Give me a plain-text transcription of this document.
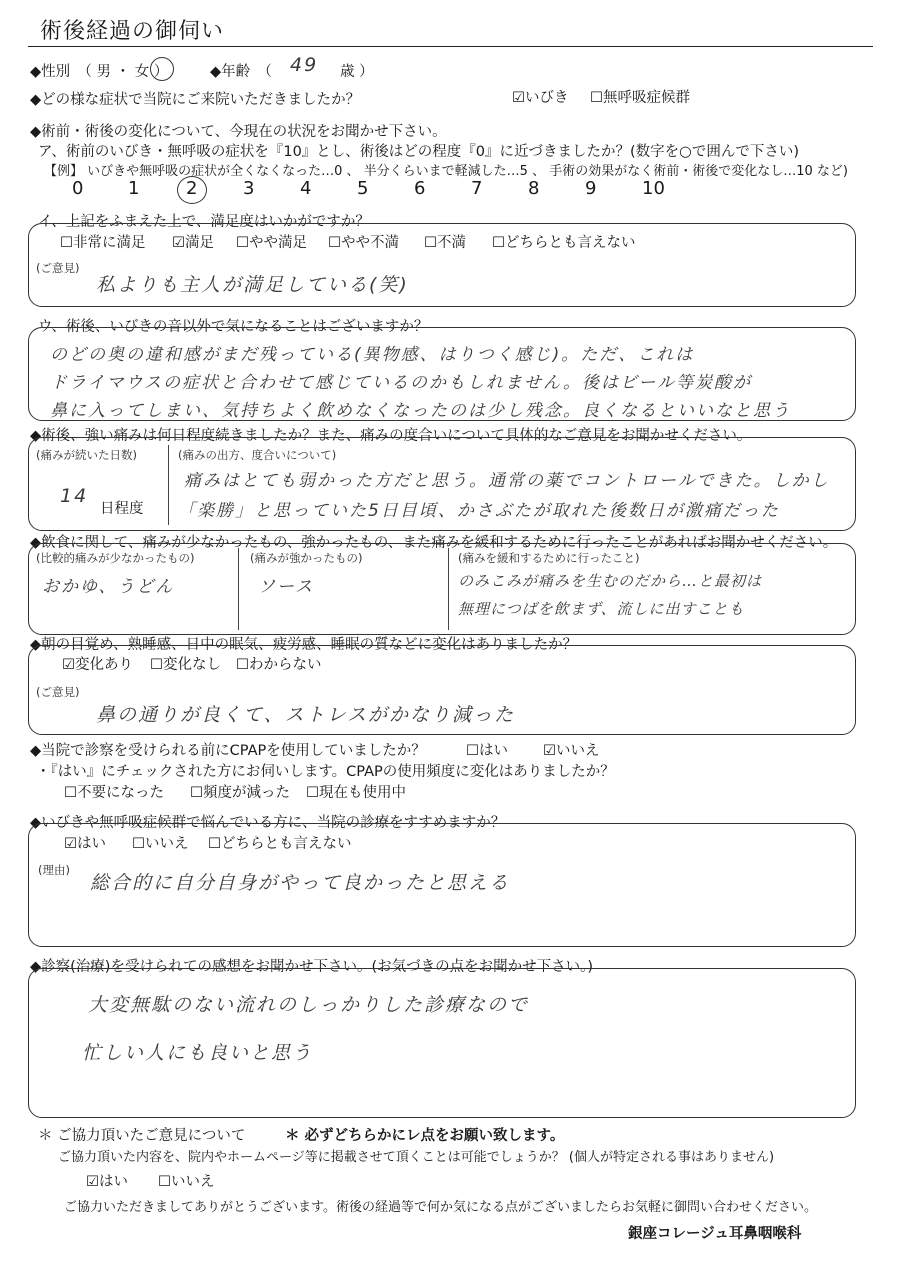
術後経過の御伺い
◆性別　（ 男 ・ 女 ）	◆年齢　（ 49 歳 ）
◆どの様な症状で当院にご来院いただきましたか？	☑いびき ☐無呼吸症候群
◆術前・術後の変化について、今現在の状況をお聞かせ下さい。
ア、術前のいびき・無呼吸の症状を『10』とし、術後はどの程度『0』に近づきましたか？(数字を○で囲んで下さい)
【例】 いびきや無呼吸の症状が全くなくなった…0 、 半分くらいまで軽減した…5 、 手術の効果がなく術前・術後で変化なし…10 など)
0 1	2	3	4	5	6	7	8	9	10
イ、上記をふまえた上で、満足度はいかがですか？
☐非常に満足 ☑満足 ☐やや満足 ☐やや不満 ☐不満 ☐どちらとも言えない
(ご意見)
私よりも主人が満足している(笑)
ウ、術後、いびきの音以外で気になることはございますか？
のどの奥の違和感がまだ残っている(異物感、はりつく感じ)。ただ、これは
ドライマウスの症状と合わせて感じているのかもしれません。後はビール等炭酸が
鼻に入ってしまい、気持ちよく飲めなくなったのは少し残念。良くなるといいなと思う
◆術後、強い痛みは何日程度続きましたか？また、痛みの度合いについて具体的なご意見をお聞かせください。
(痛みが続いた日数)
14
日程度
(痛みの出方、度合いについて)
痛みはとても弱かった方だと思う。通常の薬でコントロールできた。しかし
「楽勝」と思っていた5日目頃、かさぶたが取れた後数日が激痛だった
◆飲食に関して、痛みが少なかったもの、強かったもの、また痛みを緩和するために行ったことがあればお聞かせください。
(比較的痛みが少なかったもの)
おかゆ、うどん
(痛みが強かったもの)
ソース
(痛みを緩和するために行ったこと)
のみこみが痛みを生むのだから…と最初は
無理につばを飲まず、流しに出すことも
◆朝の目覚め、熟睡感、日中の眠気、疲労感、睡眠の質などに変化はありましたか？
☑変化あり ☐変化なし ☐わからない
(ご意見)
鼻の通りが良くて、ストレスがかなり減った
◆当院で診察を受けられる前にCPAPを使用していましたか？	☐はい ☑いいえ
・『はい』にチェックされた方にお伺いします。CPAPの使用頻度に変化はありましたか？
☐不要になった ☐頻度が減った ☐現在も使用中
◆いびきや無呼吸症候群で悩んでいる方に、当院の診療をすすめますか？
☑はい ☐いいえ ☐どちらとも言えない
(理由)
総合的に自分自身がやって良かったと思える
◆診察(治療)を受けられての感想をお聞かせ下さい。(お気づきの点をお聞かせ下さい。)
大変無駄のない流れのしっかりした診療なので
忙しい人にも良いと思う
＊ ご協力頂いたご意見について	＊ 必ずどちらかにレ点をお願い致します。
ご協力頂いた内容を、院内やホームページ等に掲載させて頂くことは可能でしょうか？ (個人が特定される事はありません)
☑はい ☐いいえ
ご協力いただきましてありがとうございます。術後の経過等で何か気になる点がございましたらお気軽に御問い合わせください。
銀座コレージュ耳鼻咽喉科
